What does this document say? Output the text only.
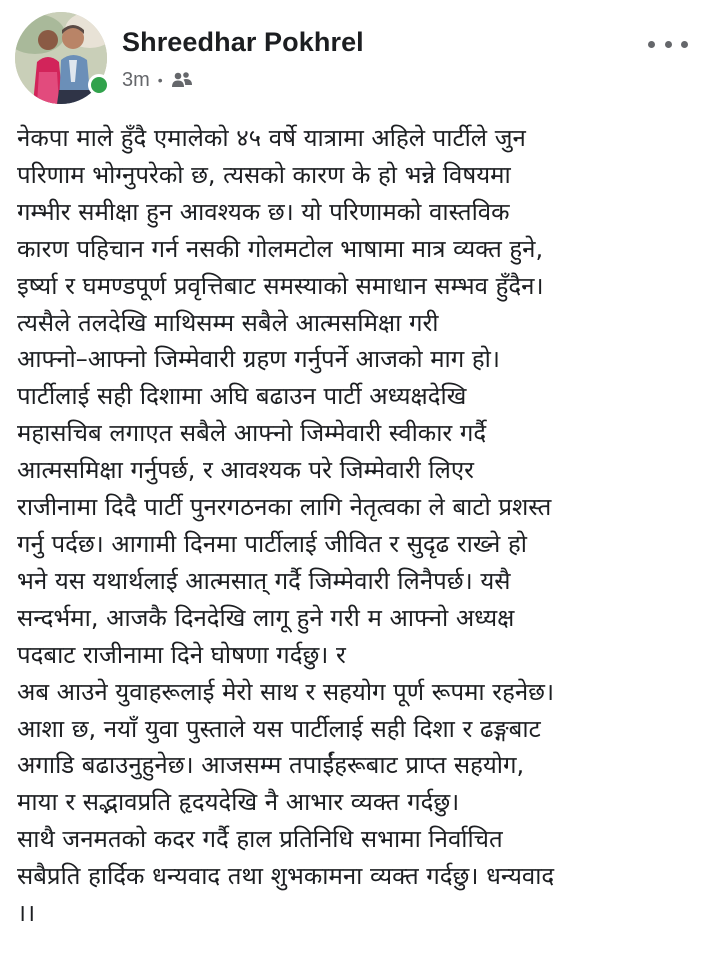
Shreedhar Pokhrel
3m •

नेकपा माले हुँदै एमालेको ४५ वर्षे यात्रामा अहिले पार्टीले जुन

परिणाम भोग्नुपरेको छ, त्यसको कारण के हो भन्ने विषयमा

गम्भीर समीक्षा हुन आवश्यक छ। यो परिणामको वास्तविक

कारण पहिचान गर्न नसकी गोलमटोल भाषामा मात्र व्यक्त हुने,

इर्ष्या र घमण्डपूर्ण प्रवृत्तिबाट समस्याको समाधान सम्भव हुँदैन।

त्यसैले तलदेखि माथिसम्म सबैले आत्मसमिक्षा गरी

आफ्नो–आफ्नो जिम्मेवारी ग्रहण गर्नुपर्ने आजको माग हो।

पार्टीलाई सही दिशामा अघि बढाउन पार्टी अध्यक्षदेखि

महासचिब लगाएत सबैले आफ्नो जिम्मेवारी स्वीकार गर्दै

आत्मसमिक्षा गर्नुपर्छ, र आवश्यक परे जिम्मेवारी लिएर

राजीनामा दिदै पार्टी पुनरगठनका लागि नेतृत्वका ले बाटो प्रशस्त

गर्नु पर्दछ। आगामी दिनमा पार्टीलाई जीवित र सुदृढ राख्ने हो

भने यस यथार्थलाई आत्मसात् गर्दै जिम्मेवारी लिनैपर्छ। यसै

सन्दर्भमा, आजकै दिनदेखि लागू हुने गरी म आफ्नो अध्यक्ष

पदबाट राजीनामा दिने घोषणा गर्दछु। र

अब आउने युवाहरूलाई मेरो साथ र सहयोग पूर्ण रूपमा रहनेछ।

आशा छ, नयाँ युवा पुस्ताले यस पार्टीलाई सही दिशा र ढङ्गबाट

अगाडि बढाउनुहुनेछ। आजसम्म तपाईंहरूबाट प्राप्त सहयोग,

माया र सद्भावप्रति हृदयदेखि नै आभार व्यक्त गर्दछु।

साथै जनमतको कदर गर्दै हाल प्रतिनिधि सभामा निर्वाचित

सबैप्रति हार्दिक धन्यवाद तथा शुभकामना व्यक्त गर्दछु। धन्यवाद

।।
